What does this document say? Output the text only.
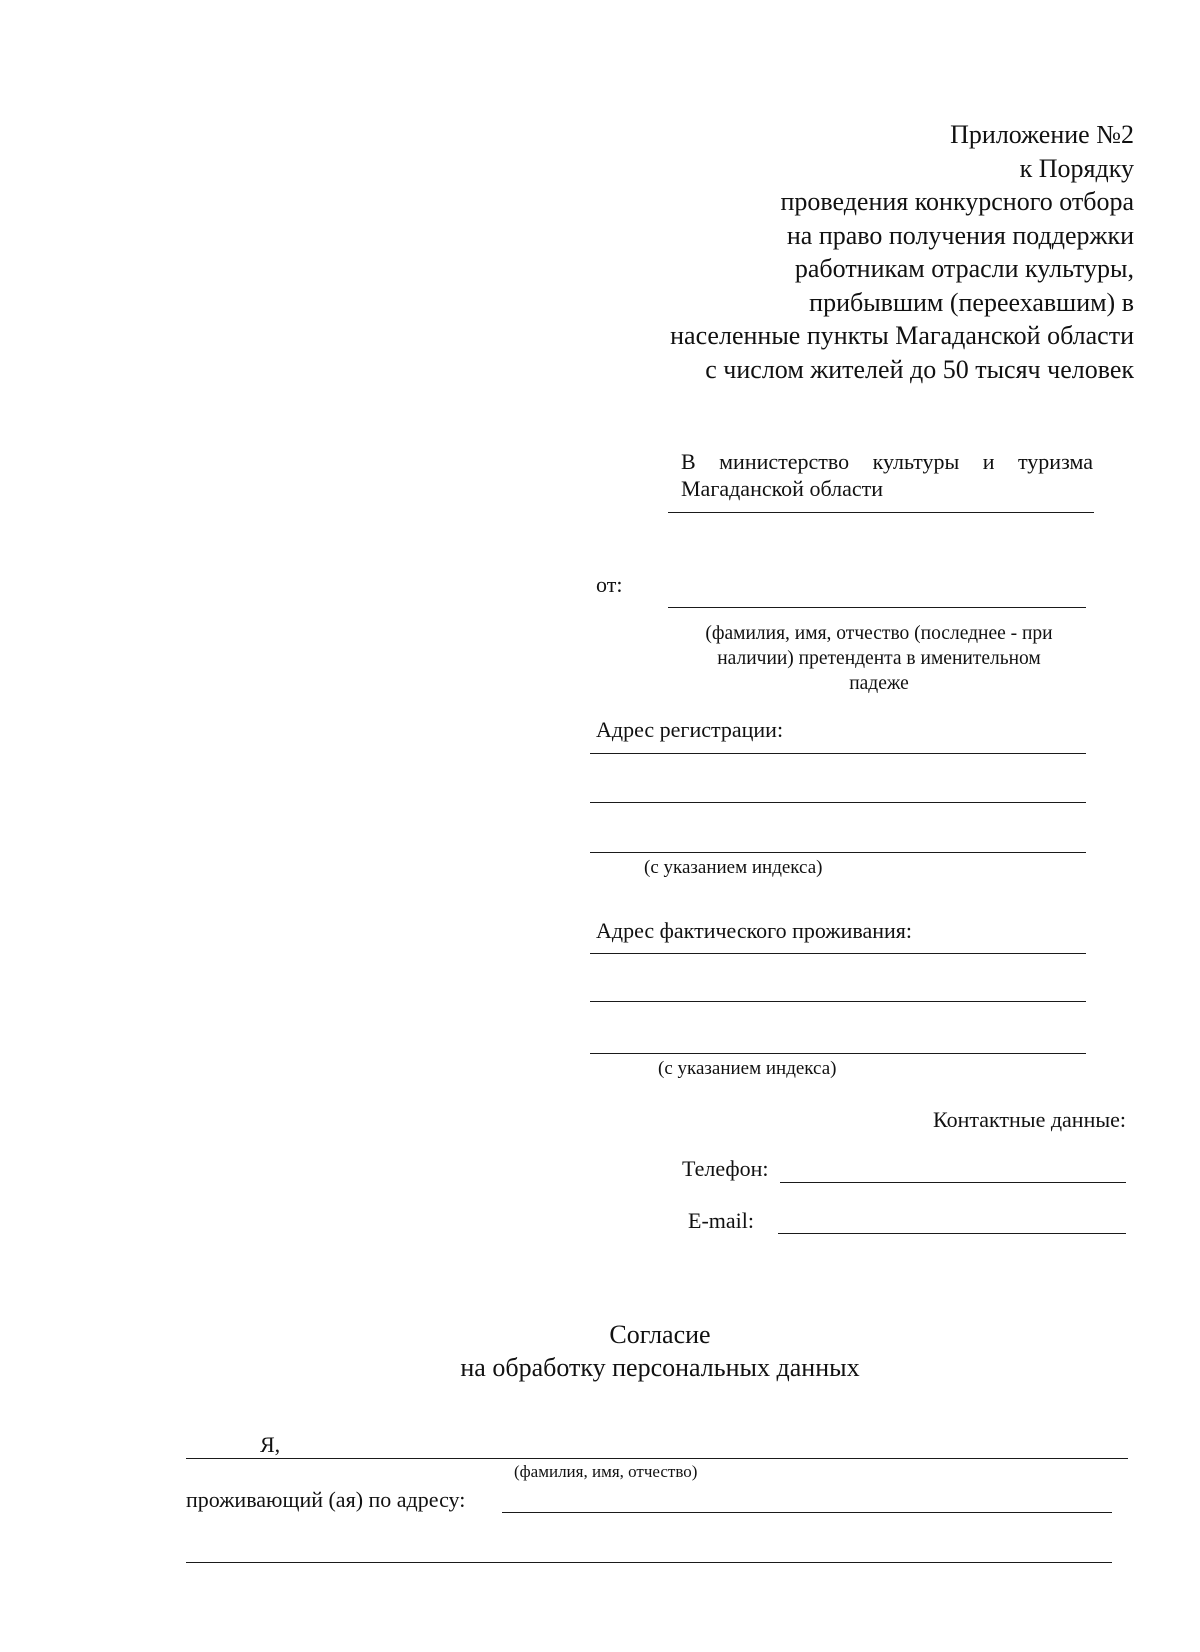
Приложение №2
к Порядку
проведения конкурсного отбора
на право получения поддержки
работникам отрасли культуры,
прибывшим (переехавшим) в
населенные пункты Магаданской области
с числом жителей до 50 тысяч человек
В министерство культуры и туризма
Магаданской области
от:
(фамилия, имя, отчество (последнее - при
наличии) претендента в именительном
падеже
Адрес регистрации:
(с указанием индекса)
Адрес фактического проживания:
(с указанием индекса)
Контактные данные:
Телефон:
E-mail:
Согласие
на обработку персональных данных
Я,
(фамилия, имя, отчество)
проживающий (ая) по адресу:
